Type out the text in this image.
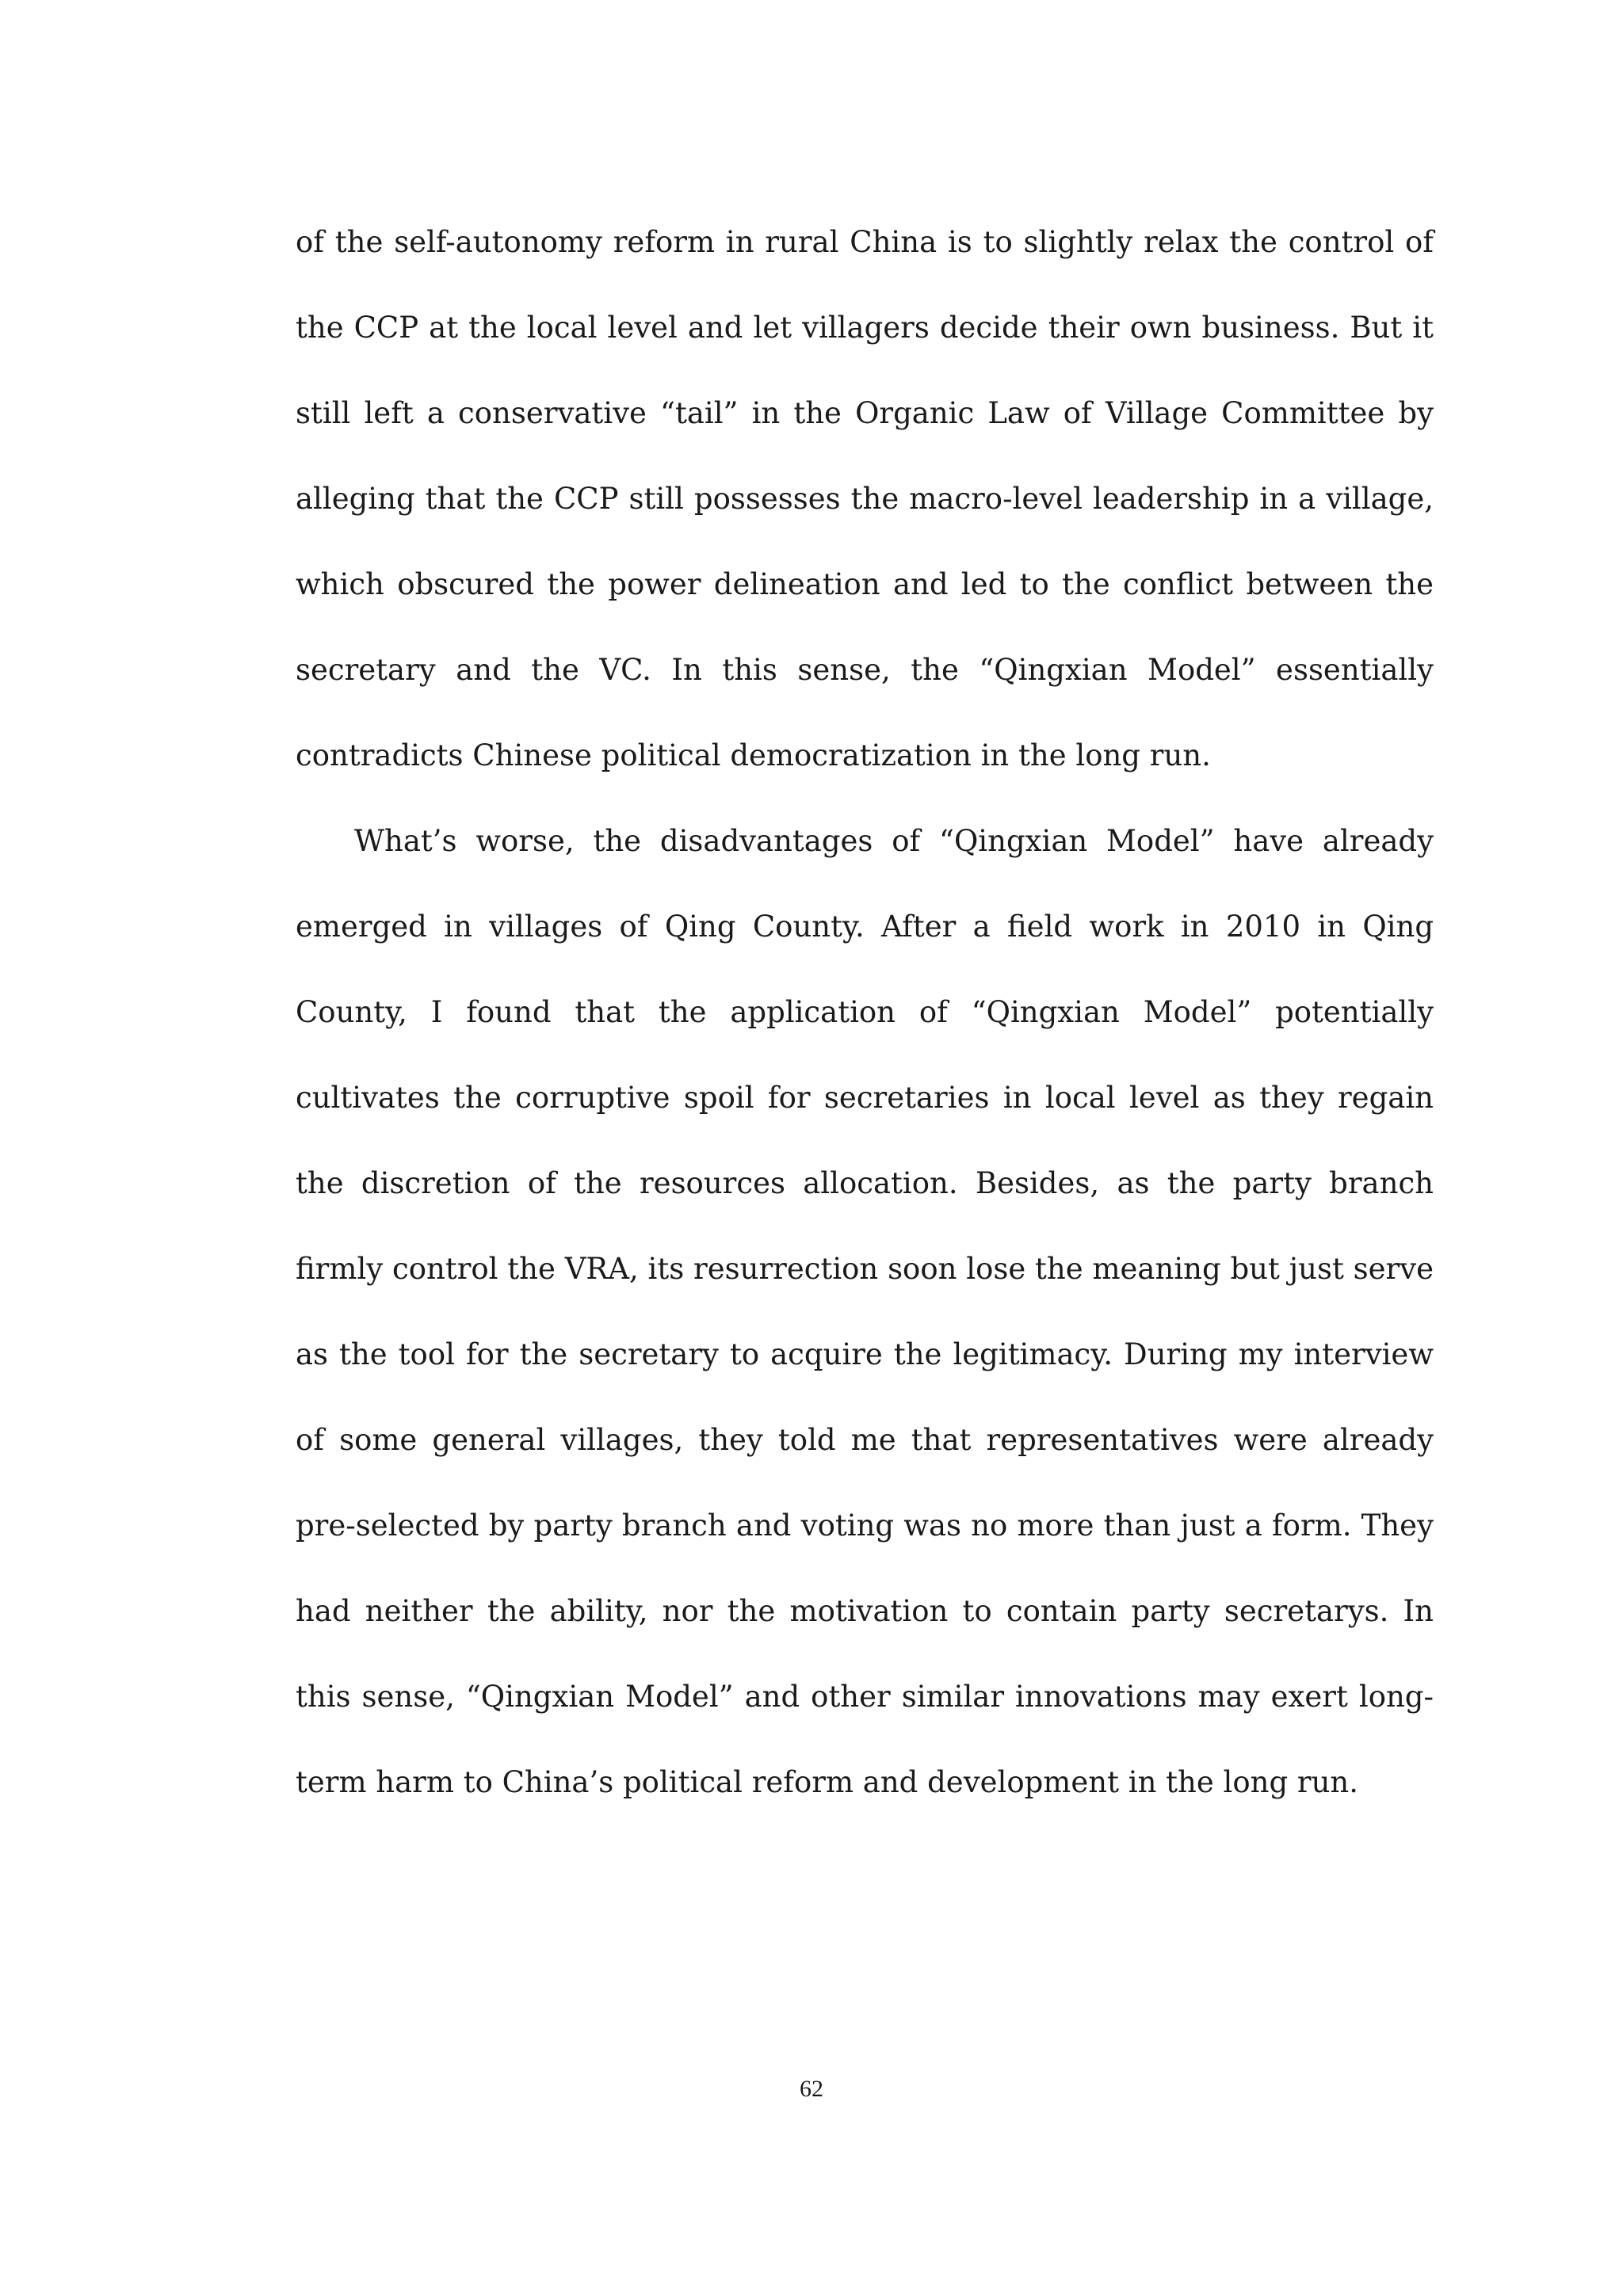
of the self-autonomy reform in rural China is to slightly relax the control of the CCP at the local level and let villagers decide their own business. But it still left a conservative “tail” in the Organic Law of Village Committee by alleging that the CCP still possesses the macro-level leadership in a village, which obscured the power delineation and led to the conflict between the secretary and the VC. In this sense, the “Qingxian Model” essentially contradicts Chinese political democratization in the long run.

What’s worse, the disadvantages of “Qingxian Model” have already emerged in villages of Qing County. After a field work in 2010 in Qing County, I found that the application of “Qingxian Model” potentially cultivates the corruptive spoil for secretaries in local level as they regain the discretion of the resources allocation. Besides, as the party branch firmly control the VRA, its resurrection soon lose the meaning but just serve as the tool for the secretary to acquire the legitimacy. During my interview of some general villages, they told me that representatives were already pre-selected by party branch and voting was no more than just a form. They had neither the ability, nor the motivation to contain party secretarys. In this sense, “Qingxian Model” and other similar innovations may exert long-term harm to China’s political reform and development in the long run.

62
